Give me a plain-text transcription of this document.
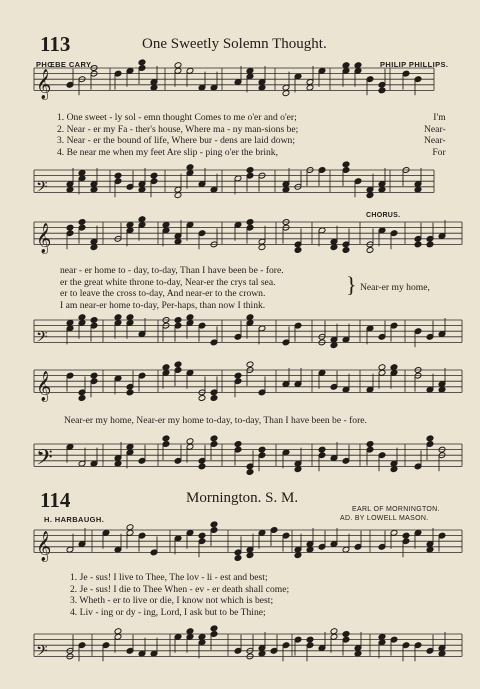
113	One Sweetly Solemn Thought.
PHŒBE CARY.	PHILIP PHILLIPS.
𝄞
𝄢
𝄞
𝄢
𝄞
𝄢
𝄞
𝄢
1. One sweet - ly sol - emn thought Comes to me o'er and o'er;
2. Near - er my Fa - ther's house, Where ma - ny man-sions be;
3. Near - er the bound of life, Where bur - dens are laid down;
4. Be near me when my feet Are slip - ping o'er the brink,
I'm
Near-
Near-
For
near - er home to - day, to-day, Than I have been be - fore.
er the great white throne to-day, Near-er the crys tal sea.
er to leave the cross to-day, And near-er to the crown.
I am near-er home to-day, Per-haps, than now I think.
} Near-er my home,
CHORUS.
Near-er my home, Near-er my home to-day, to-day, Than I have been be - fore.
114	Mornington. S. M.
EARL OF MORNINGTON.
H. HARBAUGH.	AD. BY LOWELL MASON.
1. Je - sus! I live to Thee, The lov - li - est and best;
2. Je - sus! I die to Thee When - ev - er death shall come;
3. Wheth - er to live or die, I know not which is best;
4. Liv - ing or dy - ing, Lord, I ask but to be Thine;
